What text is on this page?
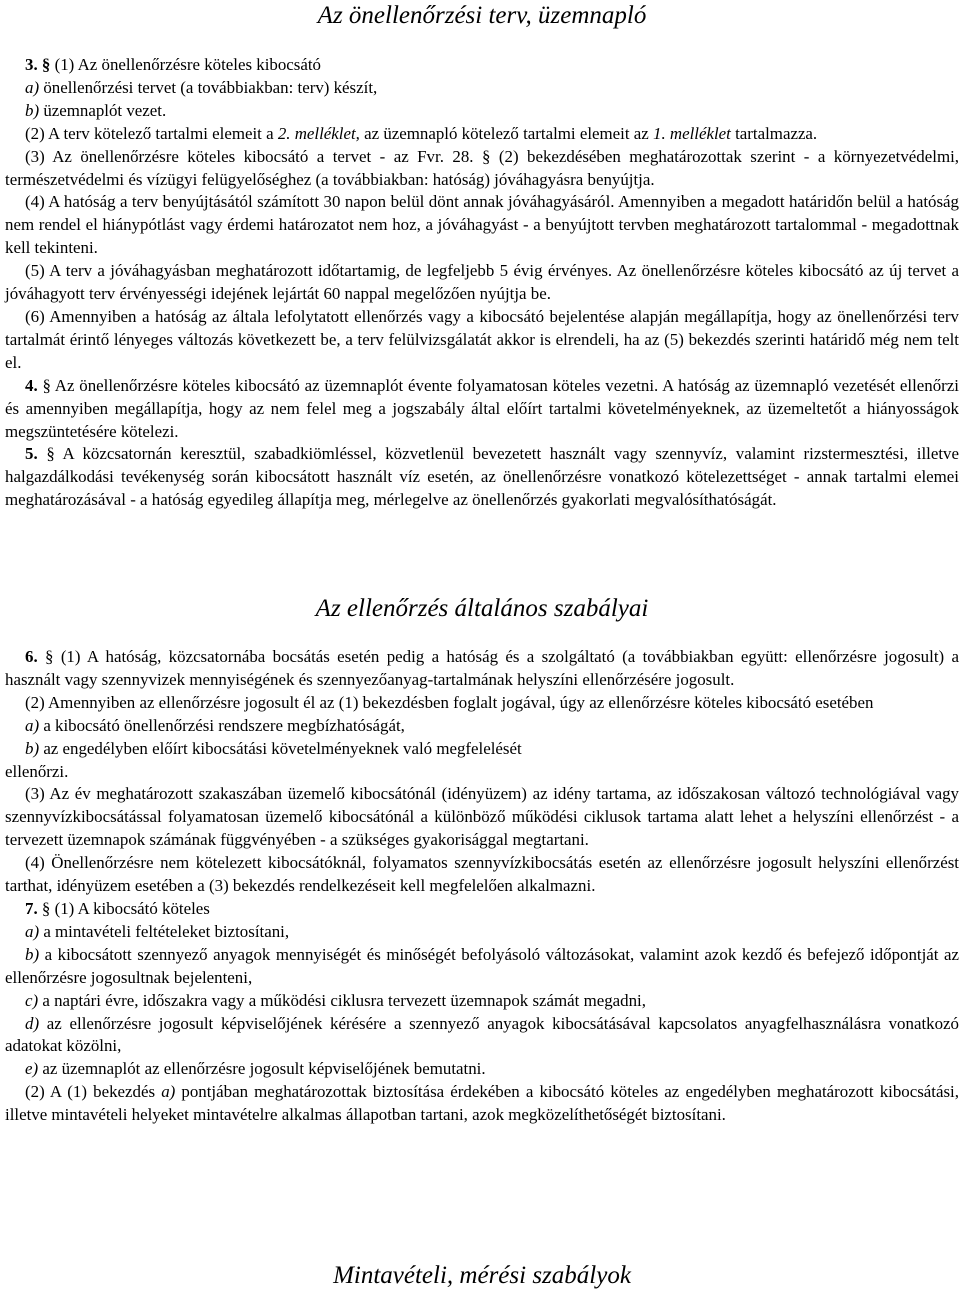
Az önellenőrzési terv, üzemnapló

3. § (1) Az önellenőrzésre köteles kibocsátó

a) önellenőrzési tervet (a továbbiakban: terv) készít,

b) üzemnaplót vezet.

(2) A terv kötelező tartalmi elemeit a 2. melléklet, az üzemnapló kötelező tartalmi elemeit az 1. melléklet tartalmazza.

(3) Az önellenőrzésre köteles kibocsátó a tervet - az Fvr. 28. § (2) bekezdésében meghatározottak szerint - a környezetvédelmi, természetvédelmi és vízügyi felügyelőséghez (a továbbiakban: hatóság) jóváhagyásra benyújtja.

(4) A hatóság a terv benyújtásától számított 30 napon belül dönt annak jóváhagyásáról. Amennyiben a megadott határidőn belül a hatóság nem rendel el hiánypótlást vagy érdemi határozatot nem hoz, a jóváhagyást - a benyújtott tervben meghatározott tartalommal - megadottnak kell tekinteni.

(5) A terv a jóváhagyásban meghatározott időtartamig, de legfeljebb 5 évig érvényes. Az önellenőrzésre köteles kibocsátó az új tervet a jóváhagyott terv érvényességi idejének lejártát 60 nappal megelőzően nyújtja be.

(6) Amennyiben a hatóság az általa lefolytatott ellenőrzés vagy a kibocsátó bejelentése alapján megállapítja, hogy az önellenőrzési terv tartalmát érintő lényeges változás következett be, a terv felülvizsgálatát akkor is elrendeli, ha az (5) bekezdés szerinti határidő még nem telt el.

4. § Az önellenőrzésre köteles kibocsátó az üzemnaplót évente folyamatosan köteles vezetni. A hatóság az üzemnapló vezetését ellenőrzi és amennyiben megállapítja, hogy az nem felel meg a jogszabály által előírt tartalmi követelményeknek, az üzemeltetőt a hiányosságok megszüntetésére kötelezi.

5. § A közcsatornán keresztül, szabadkiömléssel, közvetlenül bevezetett használt vagy szennyvíz, valamint rizstermesztési, illetve halgazdálkodási tevékenység során kibocsátott használt víz esetén, az önellenőrzésre vonatkozó kötelezettséget - annak tartalmi elemei meghatározásával - a hatóság egyedileg állapítja meg, mérlegelve az önellenőrzés gyakorlati megvalósíthatóságát.

Az ellenőrzés általános szabályai

6. § (1) A hatóság, közcsatornába bocsátás esetén pedig a hatóság és a szolgáltató (a továbbiakban együtt: ellenőrzésre jogosult) a használt vagy szennyvizek mennyiségének és szennyezőanyag-tartalmának helyszíni ellenőrzésére jogosult.

(2) Amennyiben az ellenőrzésre jogosult él az (1) bekezdésben foglalt jogával, úgy az ellenőrzésre köteles kibocsátó esetében

a) a kibocsátó önellenőrzési rendszere megbízhatóságát,

b) az engedélyben előírt kibocsátási követelményeknek való megfelelését

ellenőrzi.

(3) Az év meghatározott szakaszában üzemelő kibocsátónál (idényüzem) az idény tartama, az időszakosan változó technológiával vagy szennyvízkibocsátással folyamatosan üzemelő kibocsátónál a különböző működési ciklusok tartama alatt lehet a helyszíni ellenőrzést - a tervezett üzemnapok számának függvényében - a szükséges gyakorisággal megtartani.

(4) Önellenőrzésre nem kötelezett kibocsátóknál, folyamatos szennyvízkibocsátás esetén az ellenőrzésre jogosult helyszíni ellenőrzést tarthat, idényüzem esetében a (3) bekezdés rendelkezéseit kell megfelelően alkalmazni.

7. § (1) A kibocsátó köteles

a) a mintavételi feltételeket biztosítani,

b) a kibocsátott szennyező anyagok mennyiségét és minőségét befolyásoló változásokat, valamint azok kezdő és befejező időpontját az ellenőrzésre jogosultnak bejelenteni,

c) a naptári évre, időszakra vagy a működési ciklusra tervezett üzemnapok számát megadni,

d) az ellenőrzésre jogosult képviselőjének kérésére a szennyező anyagok kibocsátásával kapcsolatos anyagfelhasználásra vonatkozó adatokat közölni,

e) az üzemnaplót az ellenőrzésre jogosult képviselőjének bemutatni.

(2) A (1) bekezdés a) pontjában meghatározottak biztosítása érdekében a kibocsátó köteles az engedélyben meghatározott kibocsátási, illetve mintavételi helyeket mintavételre alkalmas állapotban tartani, azok megközelíthetőségét biztosítani.

Mintavételi, mérési szabályok
